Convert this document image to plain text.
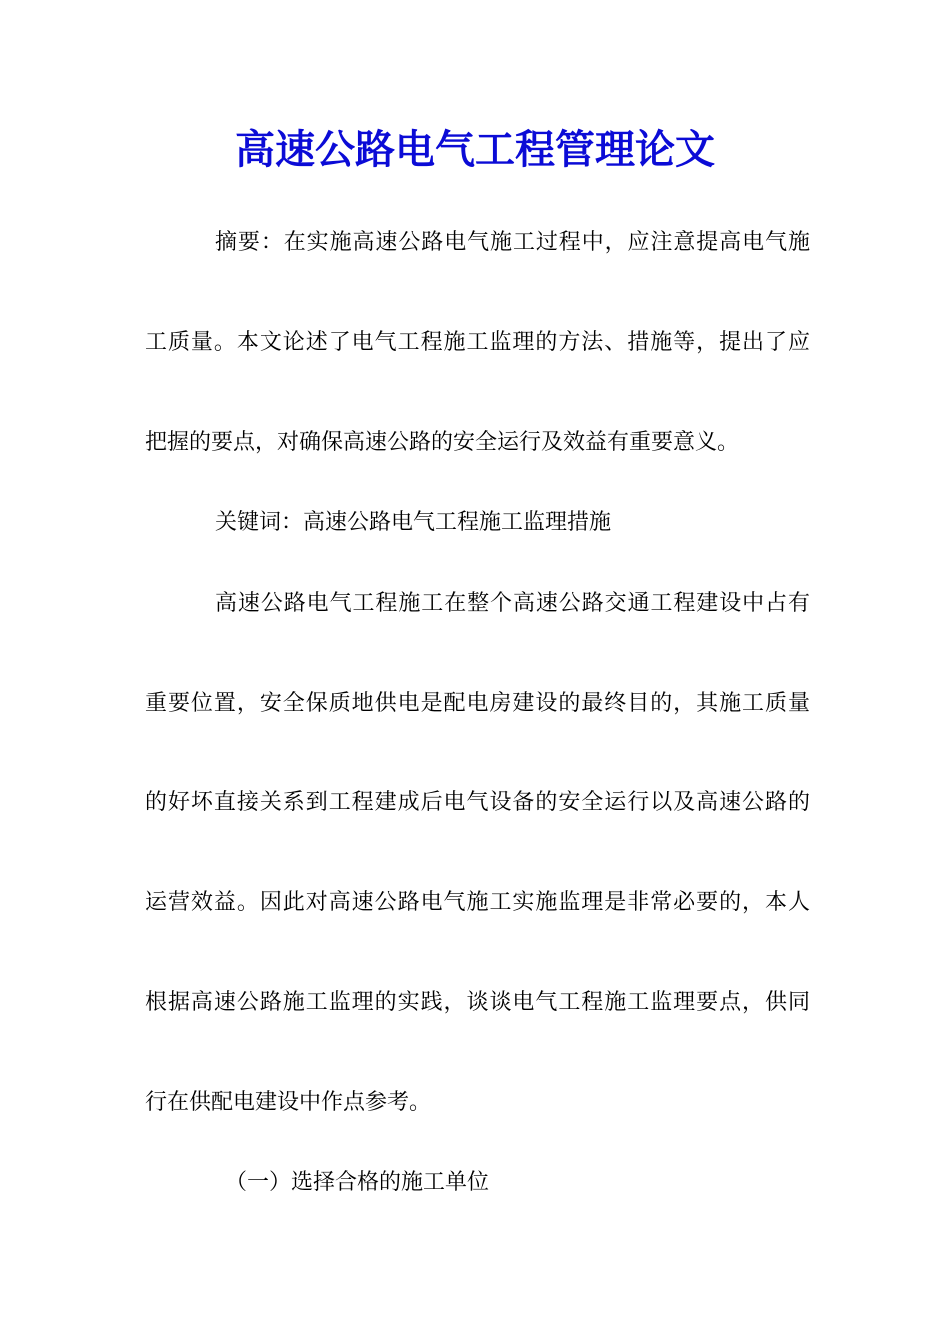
高速公路电气工程管理论文
摘要：在实施高速公路电气施工过程中，应注意提高电气施
工质量。本文论述了电气工程施工监理的方法、措施等，提出了应
把握的要点，对确保高速公路的安全运行及效益有重要意义。
关键词：高速公路电气工程施工监理措施
高速公路电气工程施工在整个高速公路交通工程建设中占有
重要位置，安全保质地供电是配电房建设的最终目的，其施工质量
的好坏直接关系到工程建成后电气设备的安全运行以及高速公路的
运营效益。因此对高速公路电气施工实施监理是非常必要的，本人
根据高速公路施工监理的实践，谈谈电气工程施工监理要点，供同
行在供配电建设中作点参考。
（一）选择合格的施工单位
